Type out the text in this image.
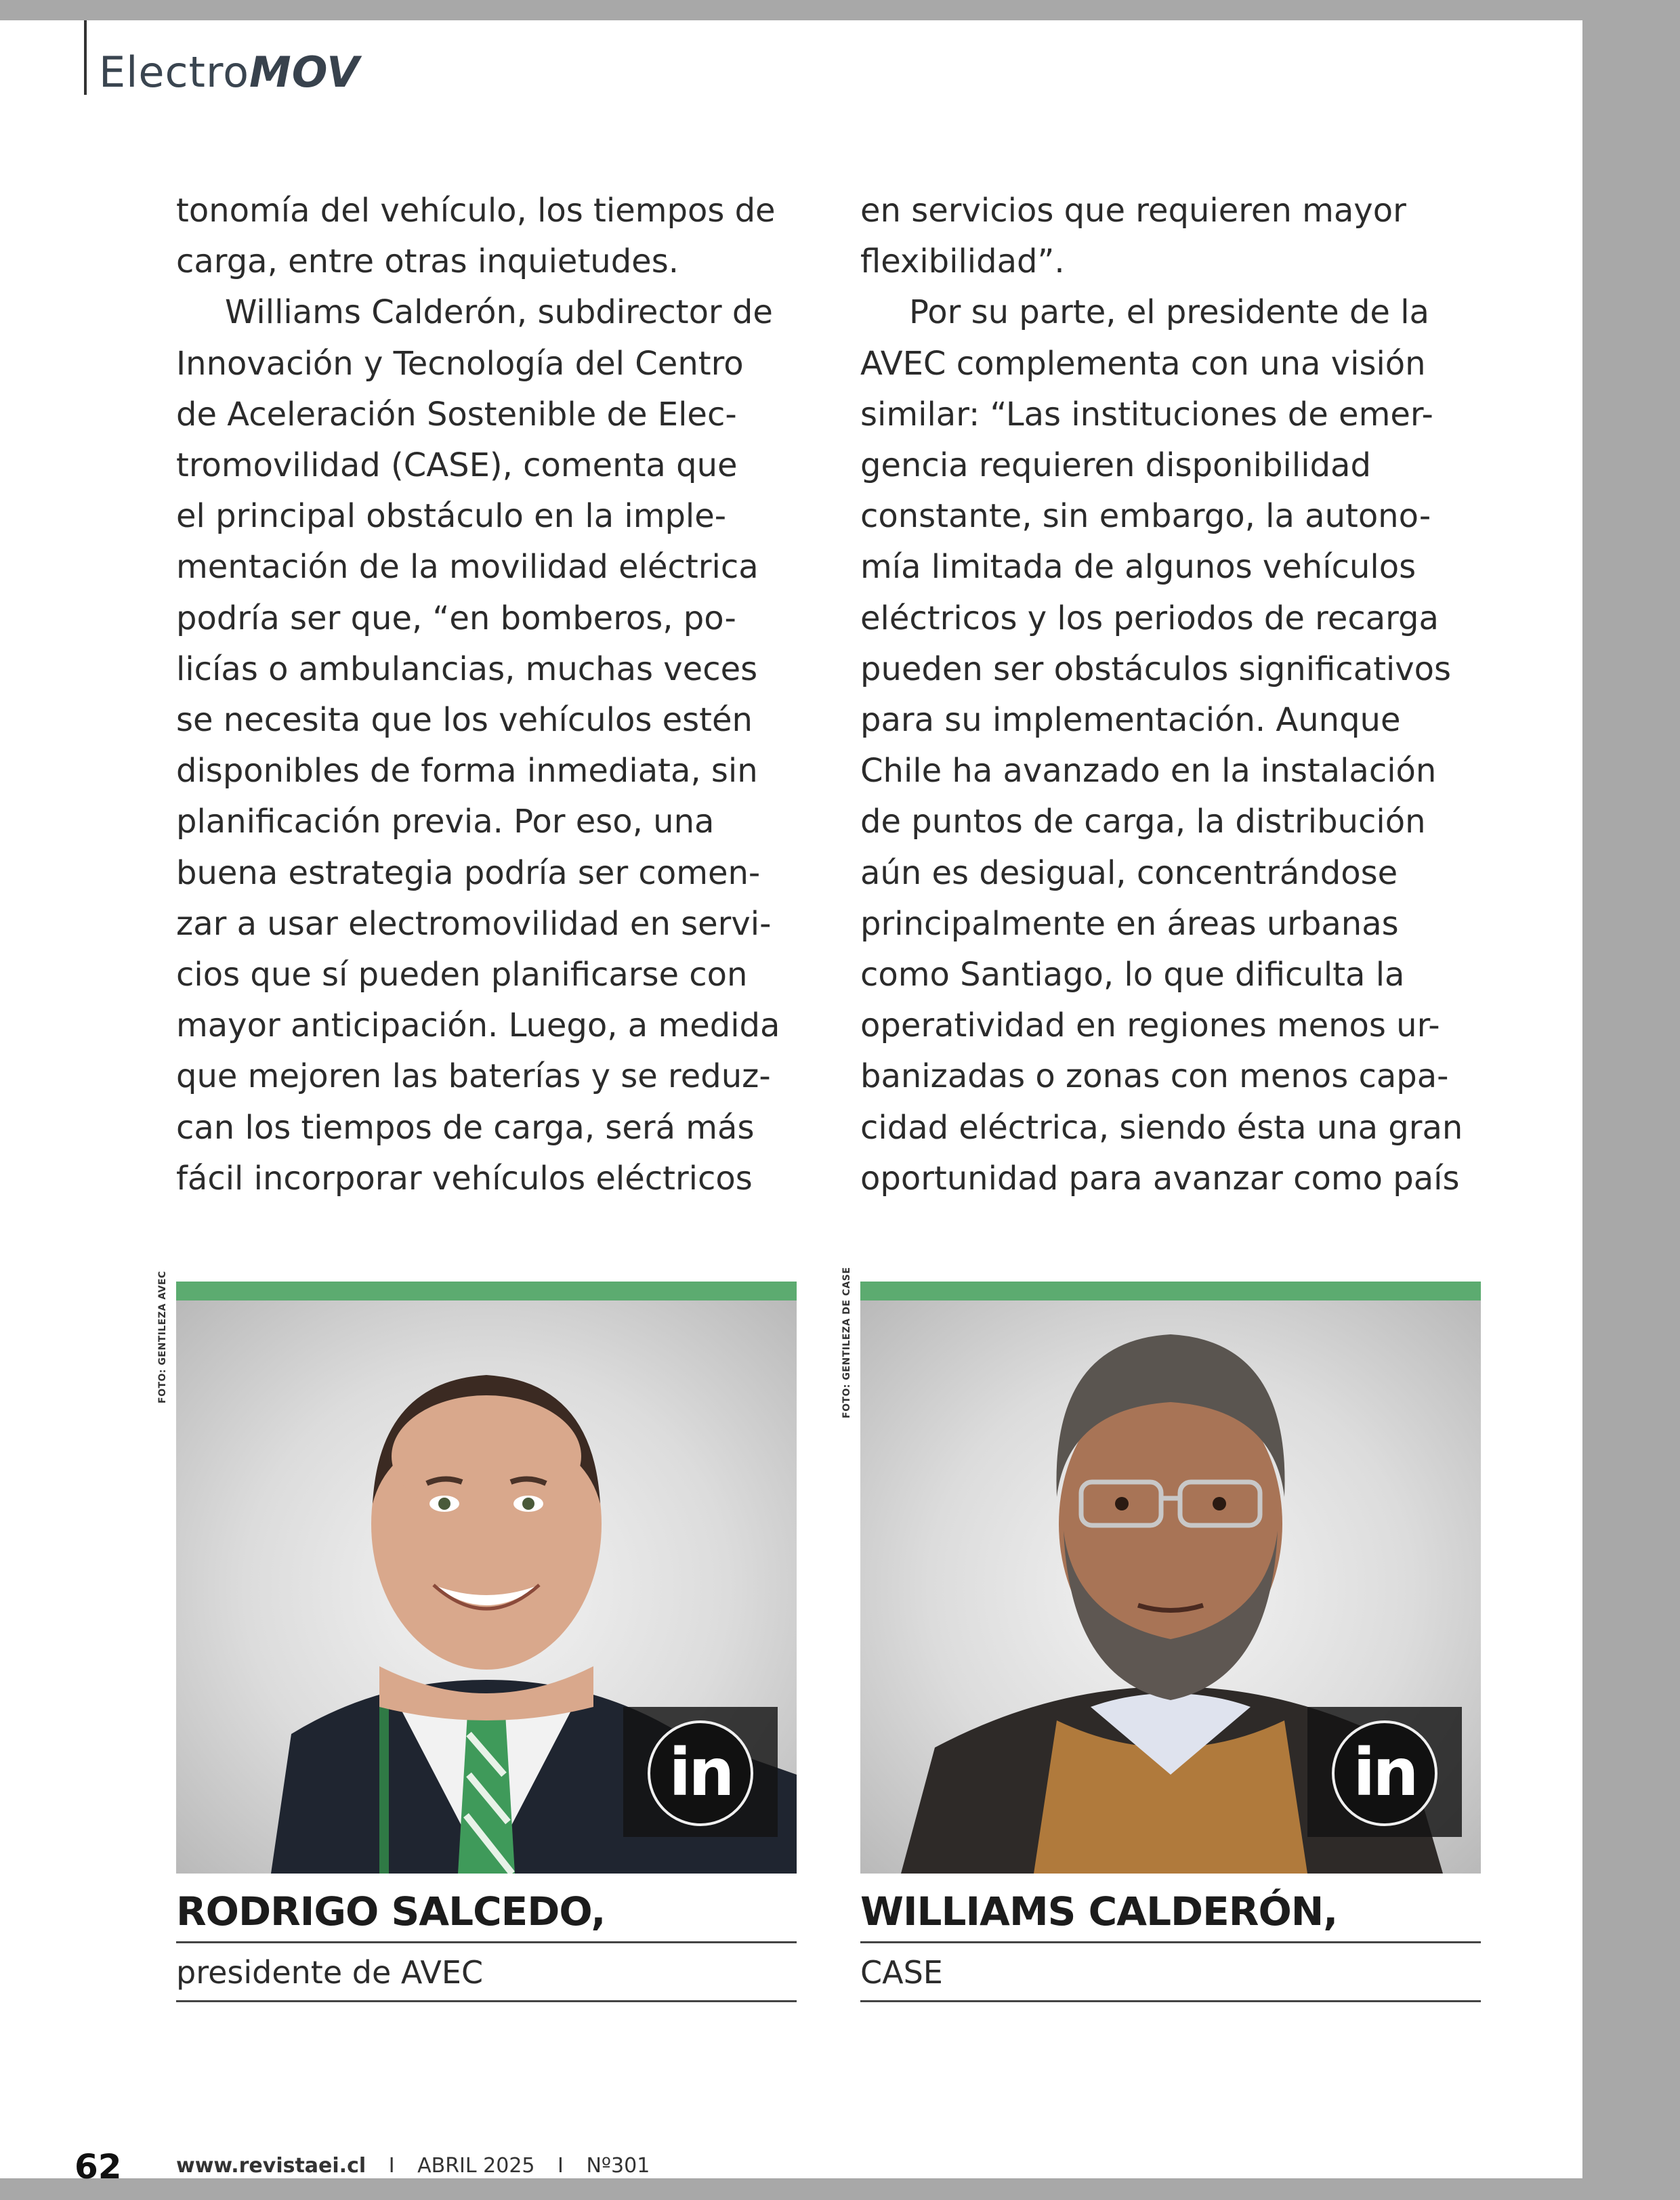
ElectroMOV
tonomía del vehículo, los tiempos de
carga, entre otras inquietudes.
Williams Calderón, subdirector de
Innovación y Tecnología del Centro
de Aceleración Sostenible de Elec-
tromovilidad (CASE), comenta que
el principal obstáculo en la imple-
mentación de la movilidad eléctrica
podría ser que, “en bomberos, po-
licías o ambulancias, muchas veces
se necesita que los vehículos estén
disponibles de forma inmediata, sin
planificación previa. Por eso, una
buena estrategia podría ser comen-
zar a usar electromovilidad en servi-
cios que sí pueden planificarse con
mayor anticipación. Luego, a medida
que mejoren las baterías y se reduz-
can los tiempos de carga, será más
fácil incorporar vehículos eléctricos
en servicios que requieren mayor
flexibilidad”.
Por su parte, el presidente de la
AVEC complementa con una visión
similar: “Las instituciones de emer-
gencia requieren disponibilidad
constante, sin embargo, la autono-
mía limitada de algunos vehículos
eléctricos y los periodos de recarga
pueden ser obstáculos significativos
para su implementación. Aunque
Chile ha avanzado en la instalación
de puntos de carga, la distribución
aún es desigual, concentrándose
principalmente en áreas urbanas
como Santiago, lo que dificulta la
operatividad en regiones menos ur-
banizadas o zonas con menos capa-
cidad eléctrica, siendo ésta una gran
oportunidad para avanzar como país
FOTO: GENTILEZA AVEC	FOTO: GENTILEZA DE CASE
in
RODRIGO SALCEDO,
presidente de AVEC
in
WILLIAMS CALDERÓN,
CASE
62	www.revistaei.cl I ABRIL 2025 I Nº301
